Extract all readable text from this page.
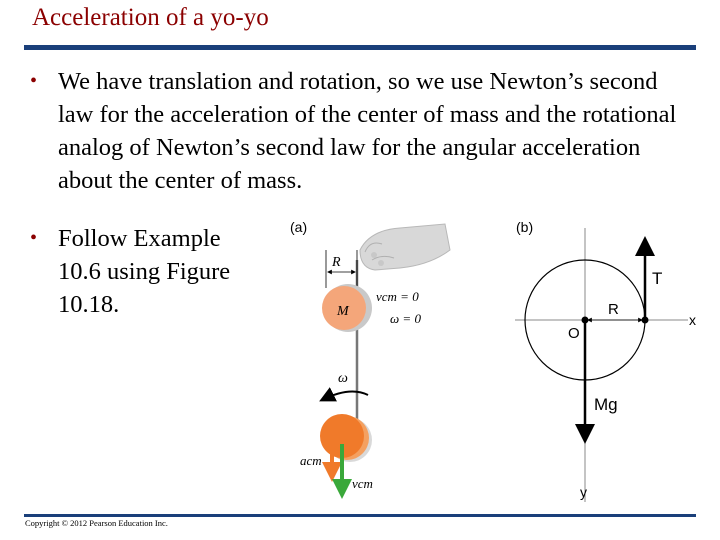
Acceleration of a yo-yo
• We have translation and rotation, so we use Newton’s second law for the acceleration of the center of mass and the rotational analog of Newton’s second law for the angular acceleration about the center of mass.
• Follow Example 10.6 using Figure 10.18.
(a)
R
M
vcm = 0
ω = 0
ω
acm
vcm
(b)
R
O
T
Mg
x
y
Copyright © 2012 Pearson Education Inc.
